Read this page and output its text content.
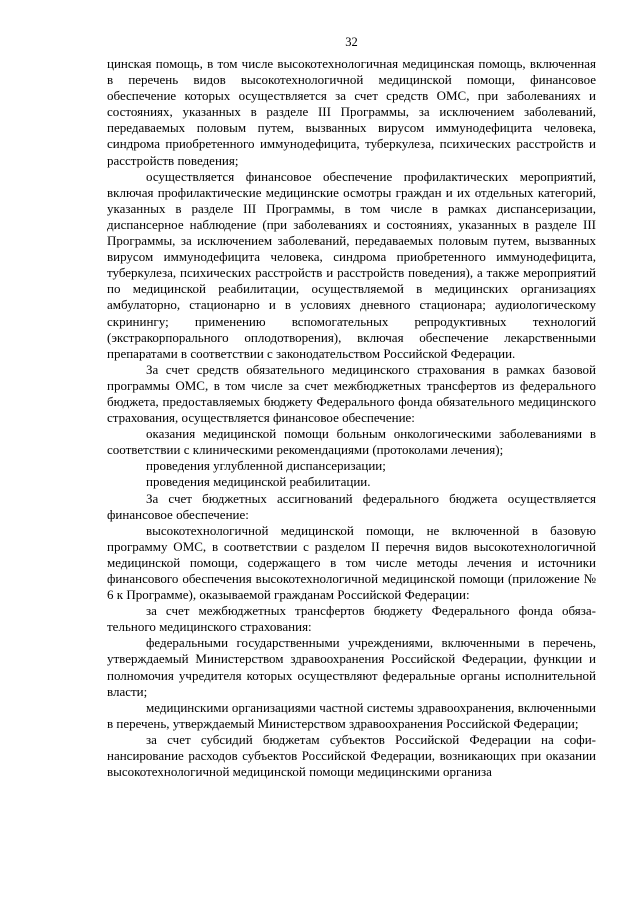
32

цинская помощь, в том числе высокотехнологичная медицинская помощь, включенная в перечень видов высокотехнологичной медицинской помощи, финансовое обеспечение которых осуществляется за счет средств ОМС, при заболеваниях и состояниях, указанных в разделе III Программы, за исключением заболеваний, передаваемых половым путем, вызванных вирусом иммунодефицита человека, синдрома приобретенного иммунодефицита, туберкулеза, психических расстройств и расстройств поведения;

осуществляется финансовое обеспечение профилактических мероприятий, включая профилактические медицинские осмотры граждан и их отдельных категорий, указанных в разделе III Программы, в том числе в рамках диспансеризации, диспансерное наблюдение (при заболеваниях и состояниях, указанных в разделе III Программы, за исключением заболеваний, передаваемых половым путем, вызванных вирусом иммунодефицита человека, синдрома приобретенного иммунодефицита, туберкулеза, психических расстройств и расстройств поведения), а также мероприятий по медицинской реабилитации, осуществляемой в медицинских организациях амбулаторно, стационарно и в условиях дневного стационара; аудиологическому скринингу; применению вспомогательных репродуктивных технологий (экстракорпорального оплодотворения), включая обеспечение лекарственными препаратами в соответствии с законодательством Российской Федерации.

За счет средств обязательного медицинского страхования в рамках базовой программы ОМС, в том числе за счет межбюджетных трансфертов из федерального бюджета, предоставляемых бюджету Федерального фонда обязательного медицинского страхования, осуществляется финансовое обеспечение:

оказания медицинской помощи больным онкологическими заболеваниями в соответствии с клиническими рекомендациями (протоколами лечения);

проведения углубленной диспансеризации;

проведения медицинской реабилитации.

За счет бюджетных ассигнований федерального бюджета осуществляется финансовое обеспечение:

высокотехнологичной медицинской помощи, не включенной в базовую программу ОМС, в соответствии с разделом II перечня видов высокотехнологичной медицинской помощи, содержащего в том числе методы лечения и источники финансового обеспечения высокотехнологичной медицинской помощи (приложение № 6 к Программе), оказываемой гражданам Российской Федерации:

за счет межбюджетных трансфертов бюджету Федерального фонда обязательного медицинского страхования:

федеральными государственными учреждениями, включенными в перечень, утверждаемый Министерством здравоохранения Российской Федерации, функции и полномочия учредителя которых осуществляют федеральные органы исполнительной власти;

медицинскими организациями частной системы здравоохранения, включенными в перечень, утверждаемый Министерством здравоохранения Российской Федерации;

за счет субсидий бюджетам субъектов Российской Федерации на софинансирование расходов субъектов Российской Федерации, возникающих при оказании высокотехнологичной медицинской помощи медицинскими организа
